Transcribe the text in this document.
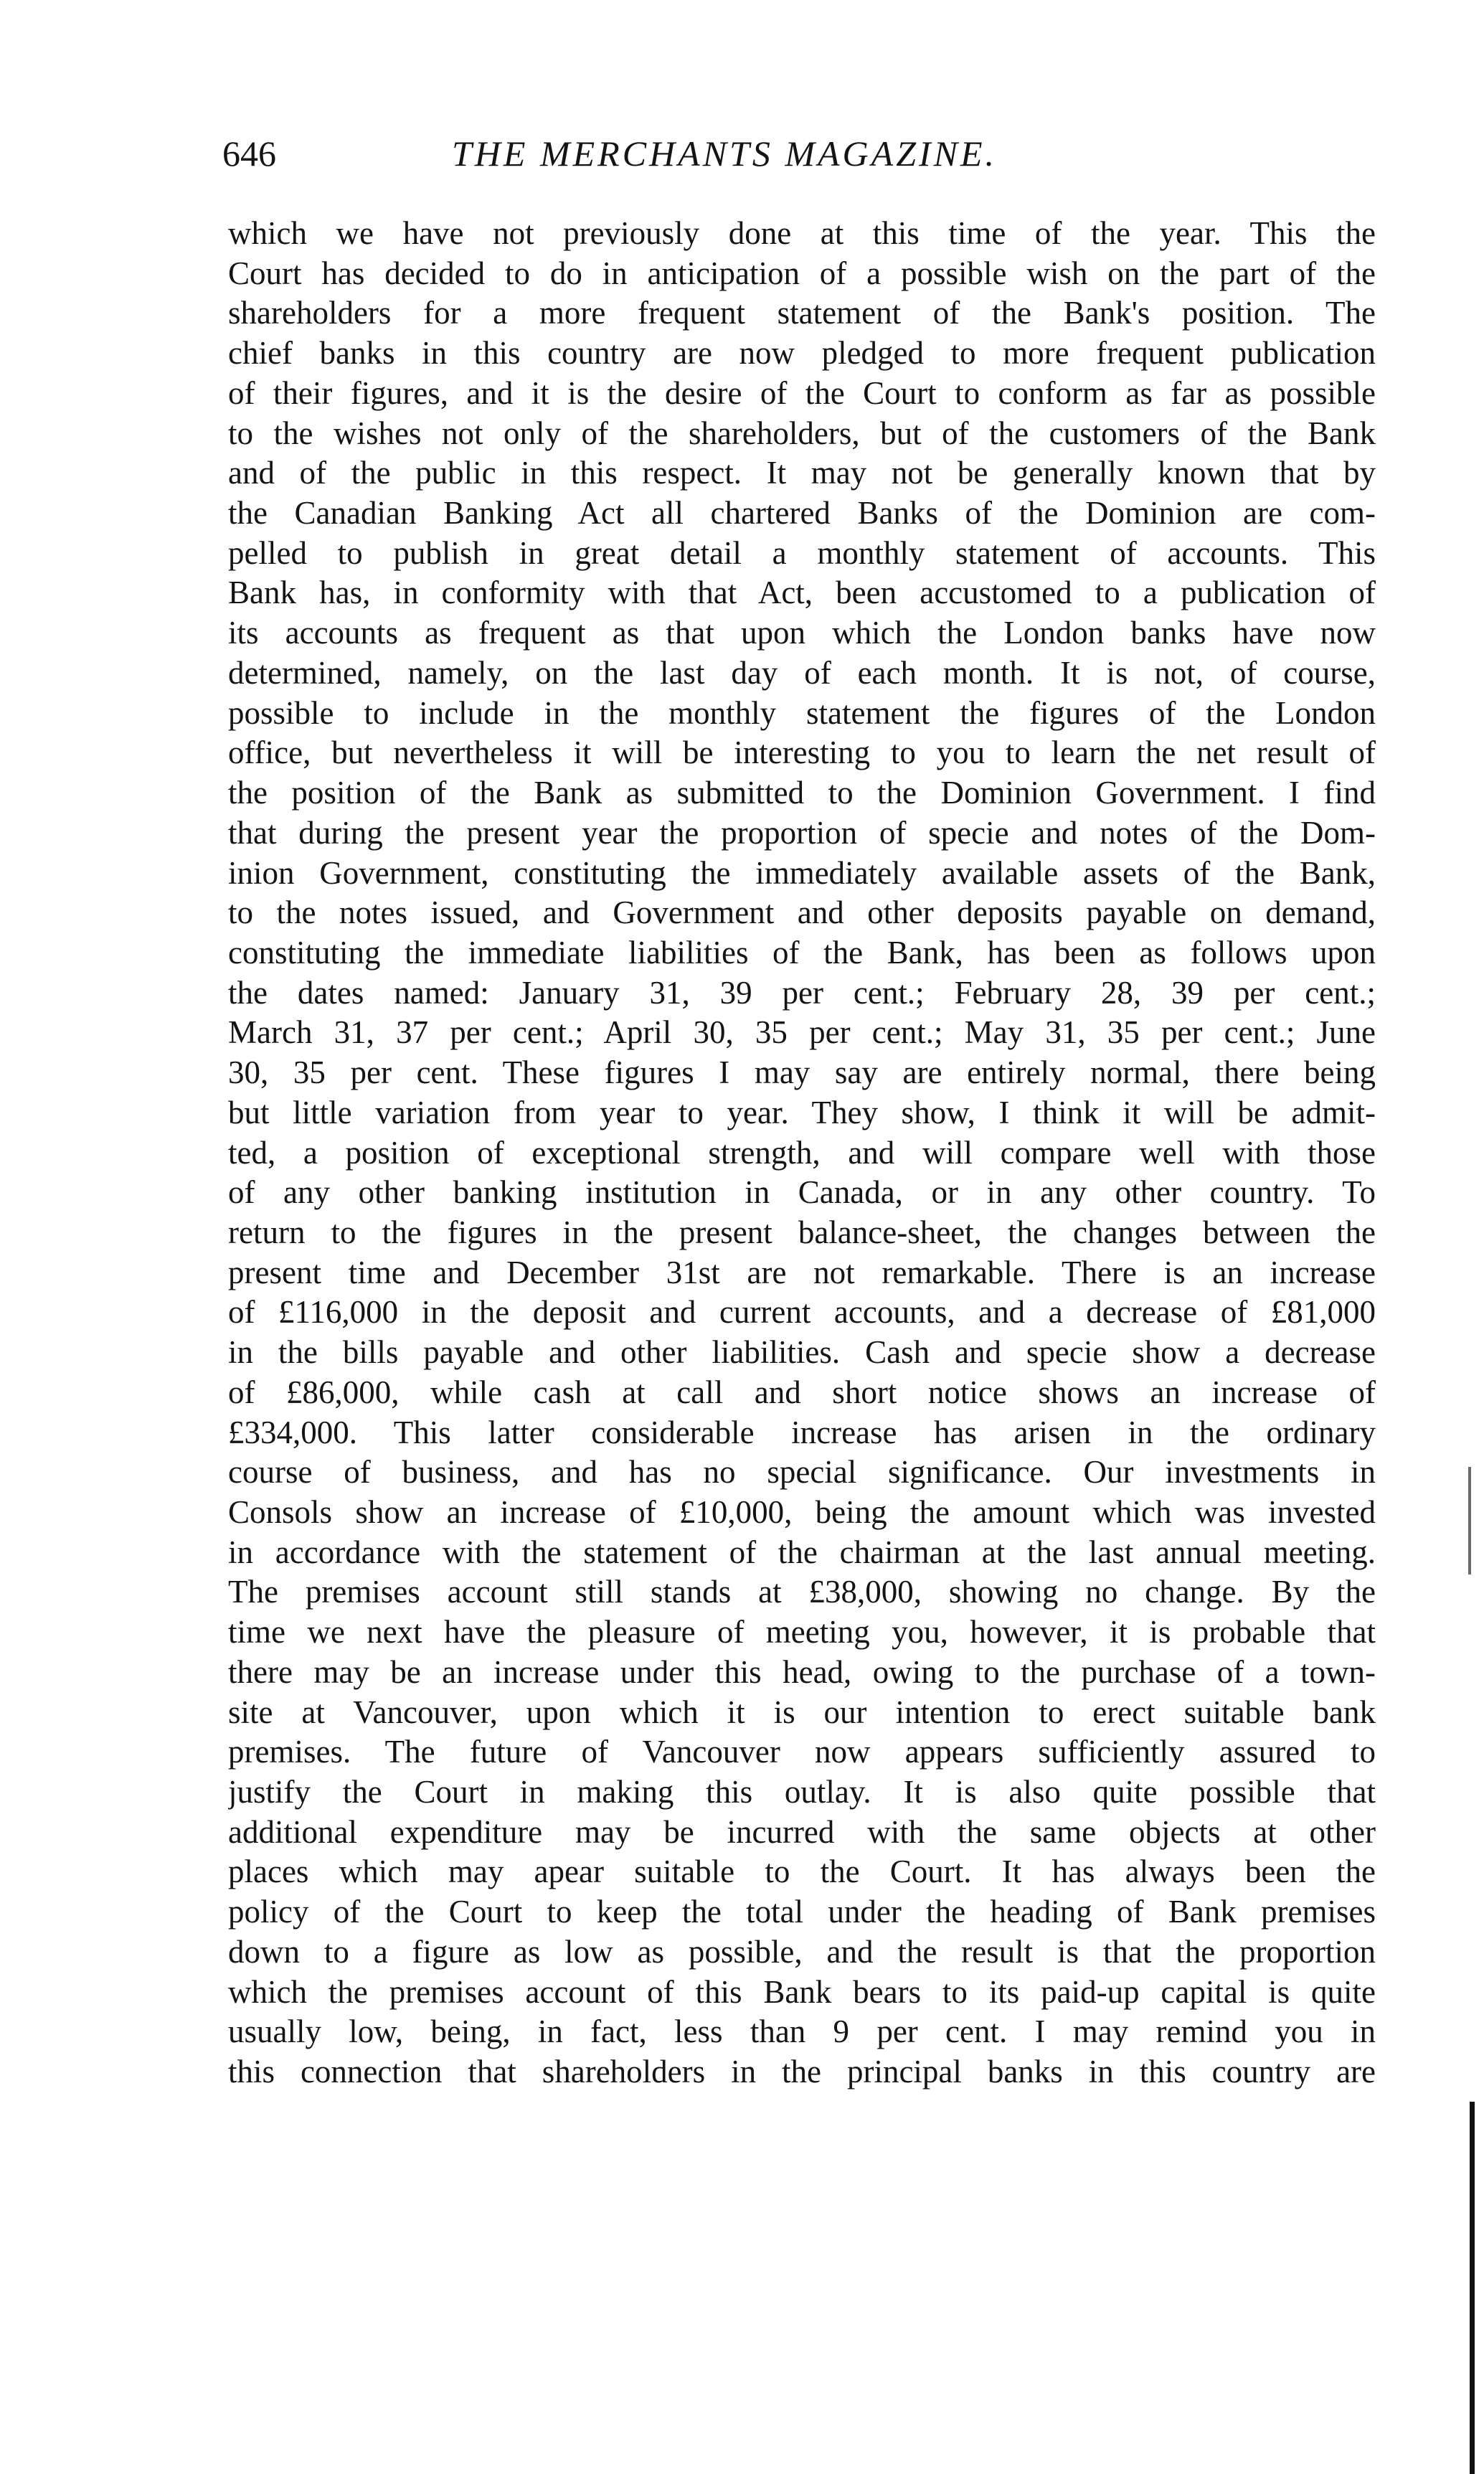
646	THE MERCHANTS MAGAZINE.
which we have not previously done at this time of the year. This the
Court has decided to do in anticipation of a possible wish on the part of the
shareholders for a more frequent statement of the Bank's position. The
chief banks in this country are now pledged to more frequent publication
of their figures, and it is the desire of the Court to conform as far as possible
to the wishes not only of the shareholders, but of the customers of the Bank
and of the public in this respect. It may not be generally known that by
the Canadian Banking Act all chartered Banks of the Dominion are com-
pelled to publish in great detail a monthly statement of accounts. This
Bank has, in conformity with that Act, been accustomed to a publication of
its accounts as frequent as that upon which the London banks have now
determined, namely, on the last day of each month. It is not, of course,
possible to include in the monthly statement the figures of the London
office, but nevertheless it will be interesting to you to learn the net result of
the position of the Bank as submitted to the Dominion Government. I find
that during the present year the proportion of specie and notes of the Dom-
inion Government, constituting the immediately available assets of the Bank,
to the notes issued, and Government and other deposits payable on demand,
constituting the immediate liabilities of the Bank, has been as follows upon
the dates named: January 31, 39 per cent.; February 28, 39 per cent.;
March 31, 37 per cent.; April 30, 35 per cent.; May 31, 35 per cent.; June
30, 35 per cent. These figures I may say are entirely normal, there being
but little variation from year to year. They show, I think it will be admit-
ted, a position of exceptional strength, and will compare well with those
of any other banking institution in Canada, or in any other country. To
return to the figures in the present balance-sheet, the changes between the
present time and December 31st are not remarkable. There is an increase
of £116,000 in the deposit and current accounts, and a decrease of £81,000
in the bills payable and other liabilities. Cash and specie show a decrease
of £86,000, while cash at call and short notice shows an increase of
£334,000. This latter considerable increase has arisen in the ordinary
course of business, and has no special significance. Our investments in
Consols show an increase of £10,000, being the amount which was invested
in accordance with the statement of the chairman at the last annual meeting.
The premises account still stands at £38,000, showing no change. By the
time we next have the pleasure of meeting you, however, it is probable that
there may be an increase under this head, owing to the purchase of a town-
site at Vancouver, upon which it is our intention to erect suitable bank
premises. The future of Vancouver now appears sufficiently assured to
justify the Court in making this outlay. It is also quite possible that
additional expenditure may be incurred with the same objects at other
places which may apear suitable to the Court. It has always been the
policy of the Court to keep the total under the heading of Bank premises
down to a figure as low as possible, and the result is that the proportion
which the premises account of this Bank bears to its paid-up capital is quite
usually low, being, in fact, less than 9 per cent. I may remind you in
this connection that shareholders in the principal banks in this country are
